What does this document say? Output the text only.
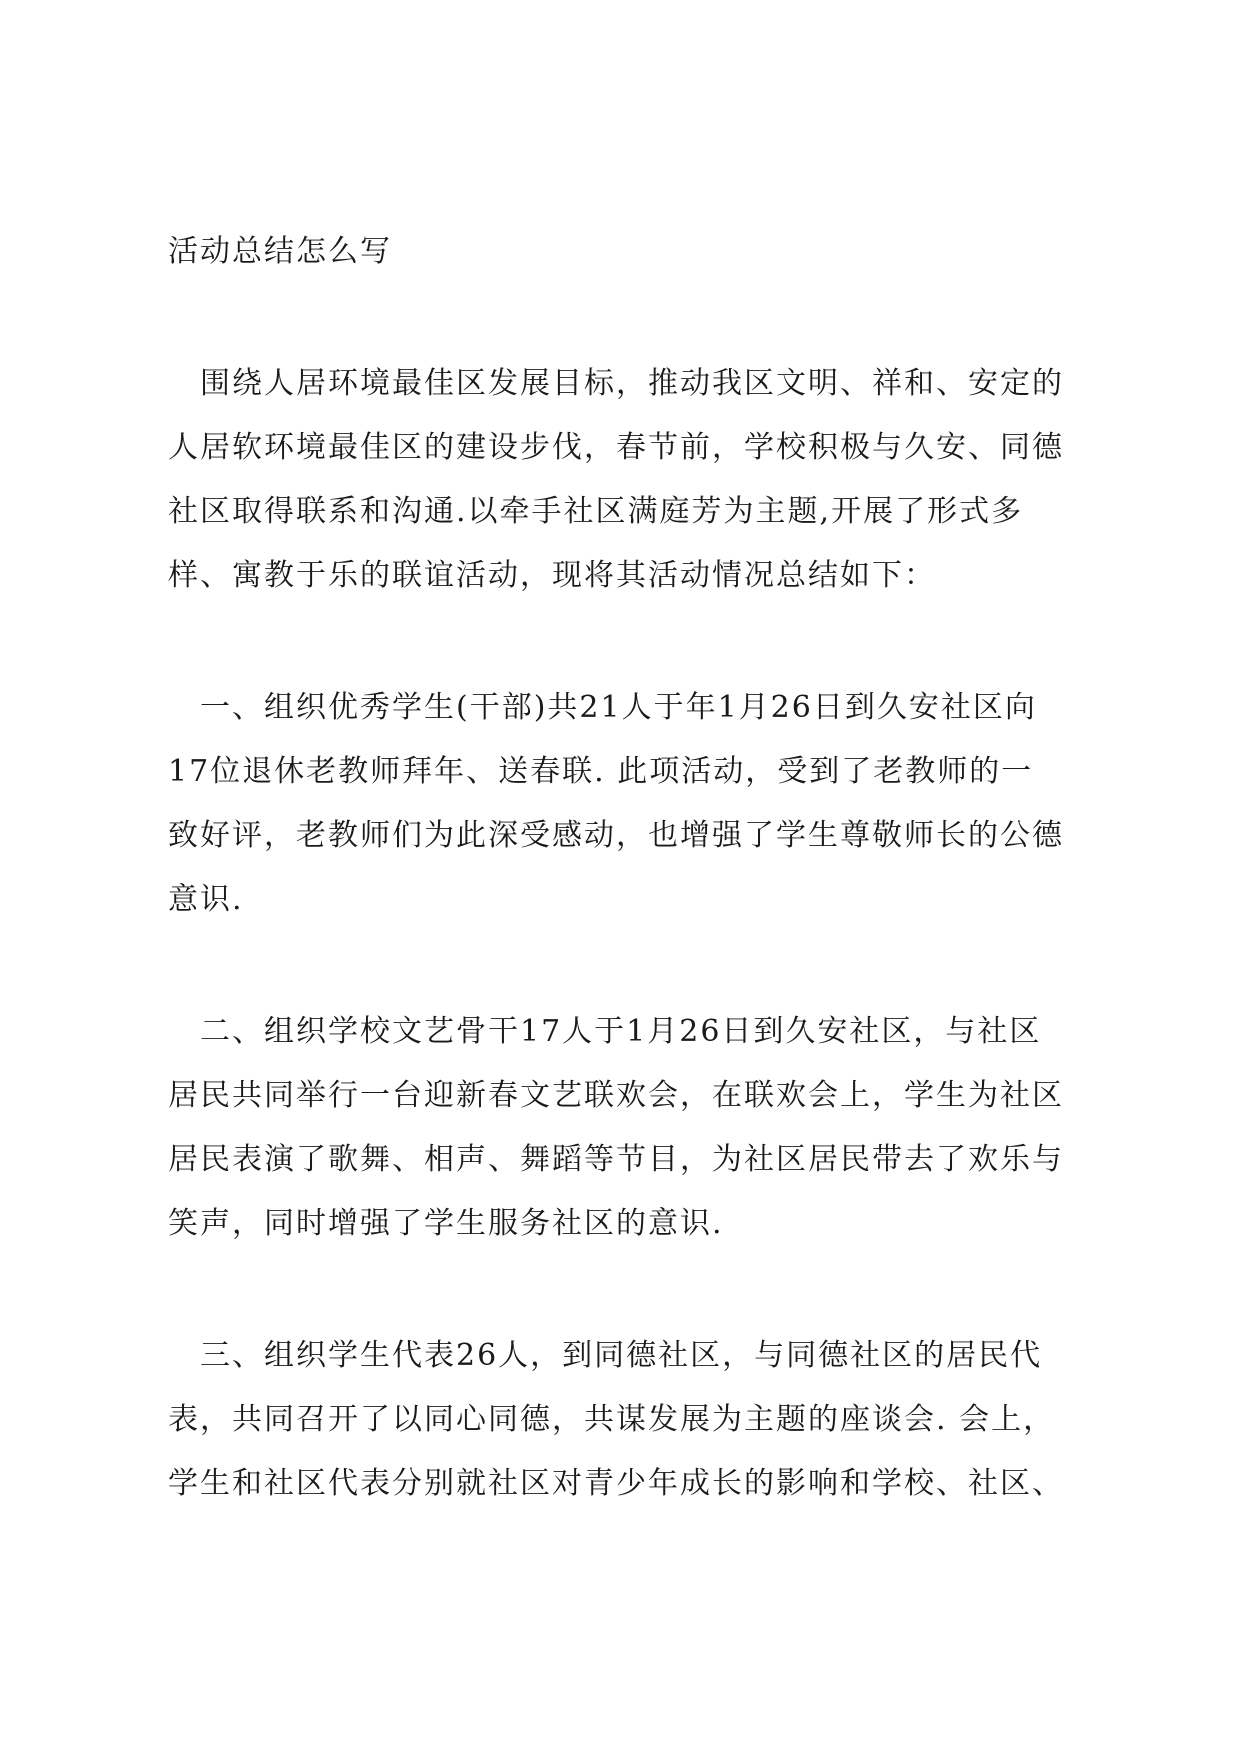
活动总结怎么写

　围绕人居环境最佳区发展目标，推动我区文明、祥和、安定的
人居软环境最佳区的建设步伐，春节前，学校积极与久安、同德
社区取得联系和沟通.以牵手社区满庭芳为主题,开展了形式多
样、寓教于乐的联谊活动，现将其活动情况总结如下：

　一、组织优秀学生(干部)共21人于年1月26日到久安社区向
17位退休老教师拜年、送春联. 此项活动，受到了老教师的一
致好评，老教师们为此深受感动，也增强了学生尊敬师长的公德
意识.

　二、组织学校文艺骨干17人于1月26日到久安社区，与社区
居民共同举行一台迎新春文艺联欢会，在联欢会上，学生为社区
居民表演了歌舞、相声、舞蹈等节目，为社区居民带去了欢乐与
笑声，同时增强了学生服务社区的意识.

　三、组织学生代表26人，到同德社区，与同德社区的居民代
表，共同召开了以同心同德，共谋发展为主题的座谈会. 会上，
学生和社区代表分别就社区对青少年成长的影响和学校、社区、
